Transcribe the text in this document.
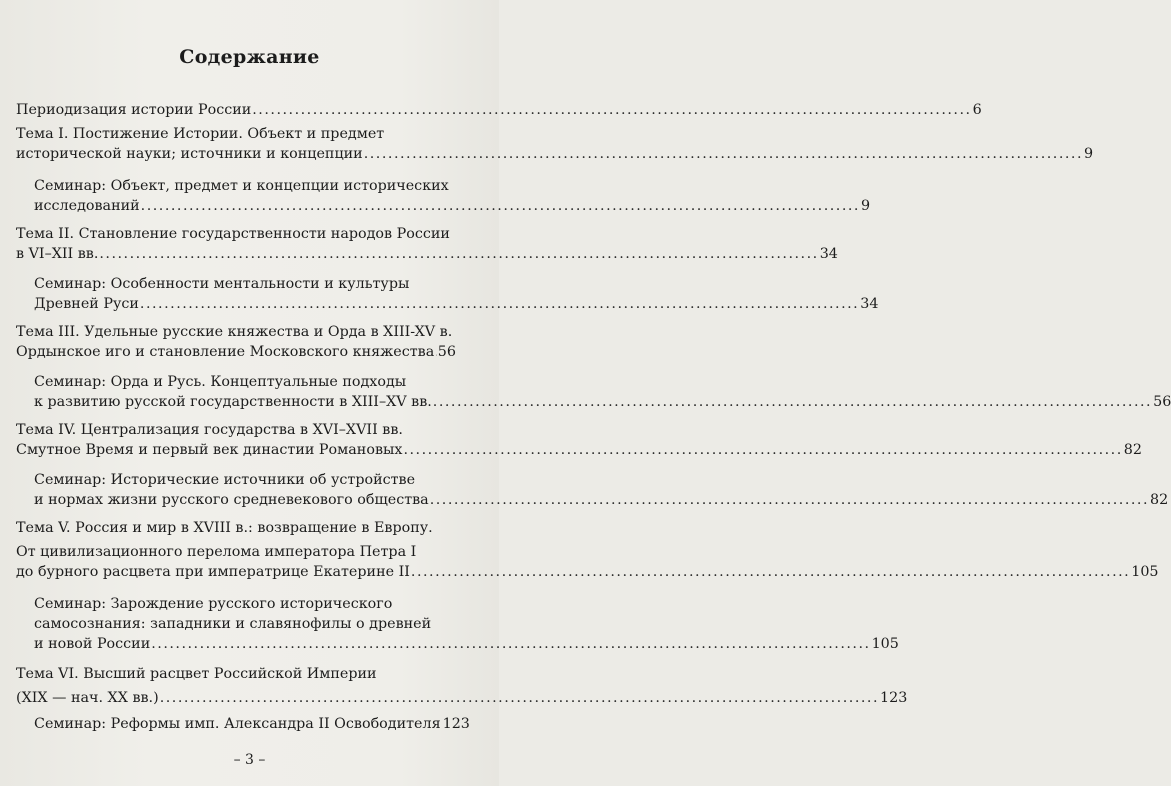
Содержание
Периодизация истории России ....................................................................................................................... 6
Тема I. Постижение Истории. Объект и предмет
исторической науки; источники и концепции ....................................................................................................................... 9
Семинар: Объект, предмет и концепции исторических
исследований ....................................................................................................................... 9
Тема II. Становление государственности народов России
в VI–XII вв. ....................................................................................................................... 34
Семинар: Особенности ментальности и культуры
Древней Руси ....................................................................................................................... 34
Тема III. Удельные русские княжества и Орда в XIII-XV в.
Ордынское иго и становление Московского княжества 56
Семинар: Орда и Русь. Концептуальные подходы
к развитию русской государственности в XIII–XV вв. ....................................................................................................................... 56
Тема IV. Централизация государства в XVI–XVII вв.
Смутное Время и первый век династии Романовых ....................................................................................................................... 82
Семинар: Исторические источники об устройстве
и нормах жизни русского средневекового общества ....................................................................................................................... 82
Тема V. Россия и мир в XVIII в.: возвращение в Европу.
От цивилизационного перелома императора Петра I
до бурного расцвета при императрице Екатерине II ....................................................................................................................... 105
Семинар: Зарождение русского исторического
самосознания: западники и славянофилы о древней
и новой России ....................................................................................................................... 105
Тема VI. Высший расцвет Российской Империи
(XIX — нач. XX вв.) ....................................................................................................................... 123
Семинар: Реформы имп. Александра II Освободителя 123
– 3 –
